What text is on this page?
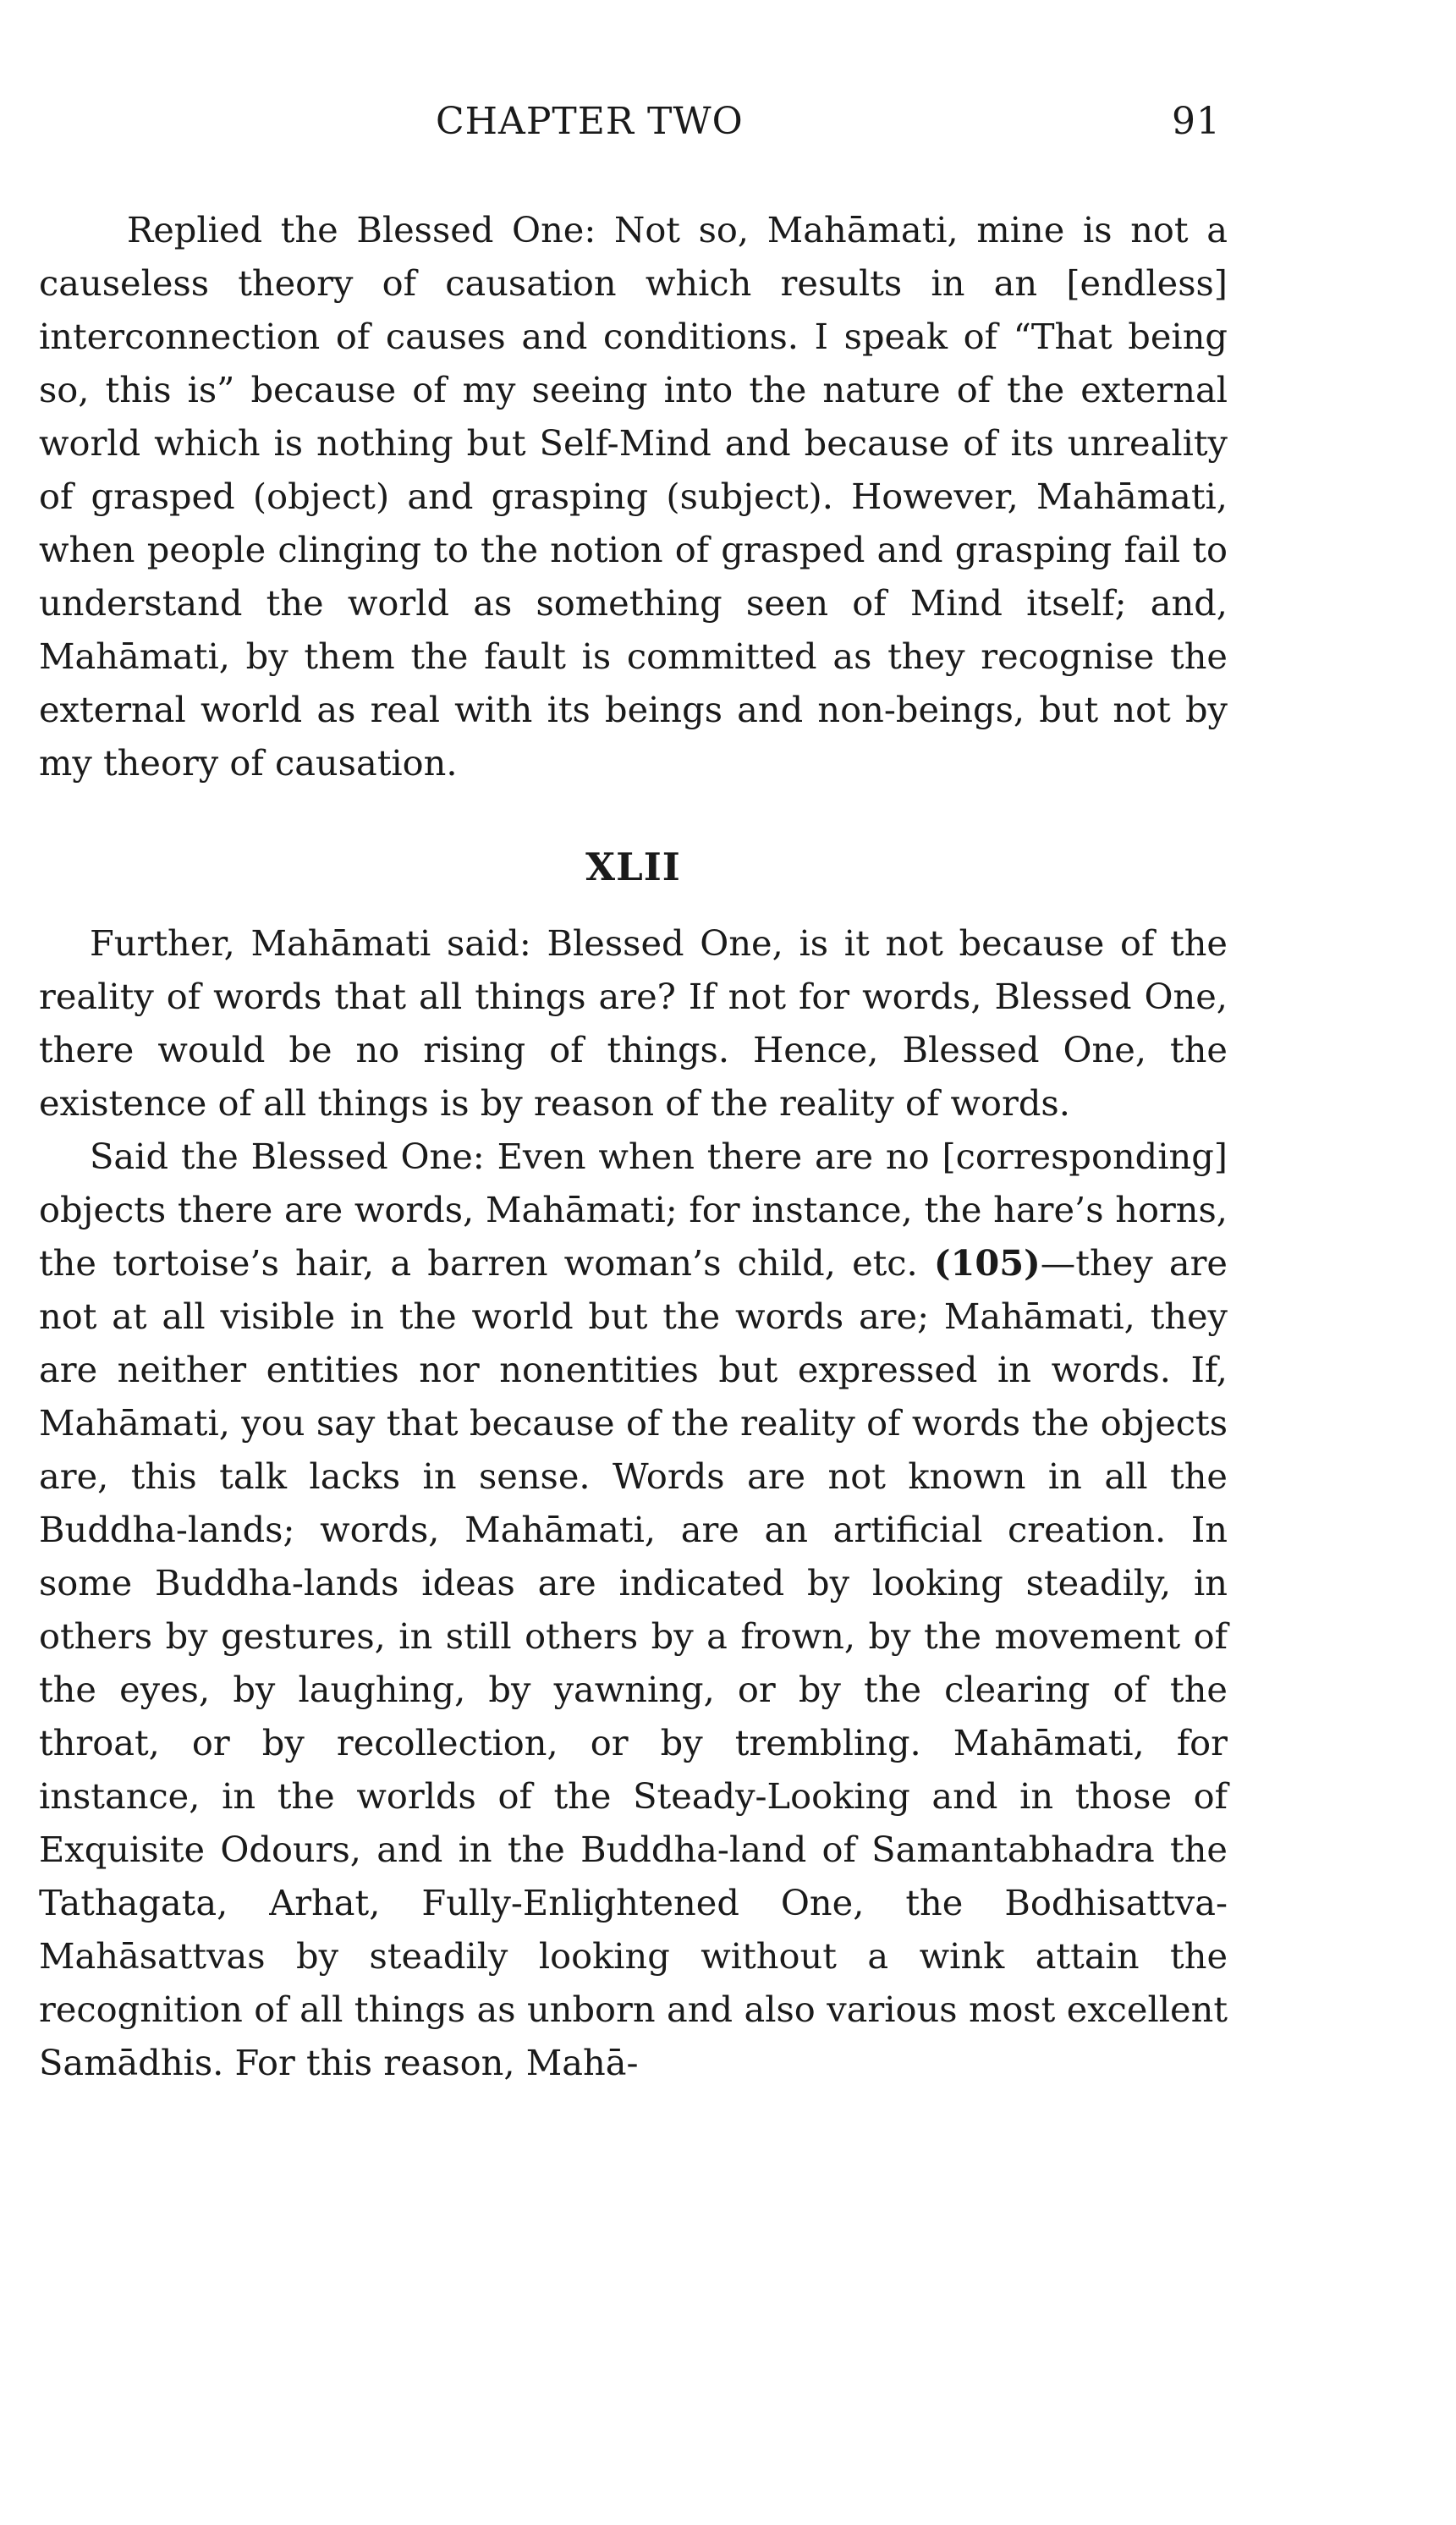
CHAPTER TWO	91

Replied the Blessed One: Not so, Mahāmati, mine is not a causeless theory of causation which results in an [endless] interconnection of causes and conditions. I speak of “That being so, this is” because of my seeing into the nature of the external world which is nothing but Self-Mind and because of its unreality of grasped (object) and grasping (subject). However, Mahāmati, when people clinging to the notion of grasped and grasping fail to understand the world as something seen of Mind itself; and, Mahāmati, by them the fault is committed as they recognise the external world as real with its beings and non-beings, but not by my theory of causation.

XLII

Further, Mahāmati said: Blessed One, is it not because of the reality of words that all things are? If not for words, Blessed One, there would be no rising of things. Hence, Blessed One, the existence of all things is by reason of the reality of words.

Said the Blessed One: Even when there are no [corresponding] objects there are words, Mahāmati; for instance, the hare’s horns, the tortoise’s hair, a barren woman’s child, etc. (105)—they are not at all visible in the world but the words are; Mahāmati, they are neither entities nor nonentities but expressed in words. If, Mahāmati, you say that because of the reality of words the objects are, this talk lacks in sense. Words are not known in all the Buddha-lands; words, Mahāmati, are an artificial creation. In some Buddha-lands ideas are indicated by looking steadily, in others by gestures, in still others by a frown, by the movement of the eyes, by laughing, by yawning, or by the clearing of the throat, or by recollection, or by trembling. Mahāmati, for instance, in the worlds of the Steady-Looking and in those of Exquisite Odours, and in the Buddha-land of Samantabhadra the Tathagata, Arhat, Fully-Enlightened One, the Bodhisattva-Mahāsattvas by steadily looking without a wink attain the recognition of all things as unborn and also various most excellent Samādhis. For this reason, Mahā-
